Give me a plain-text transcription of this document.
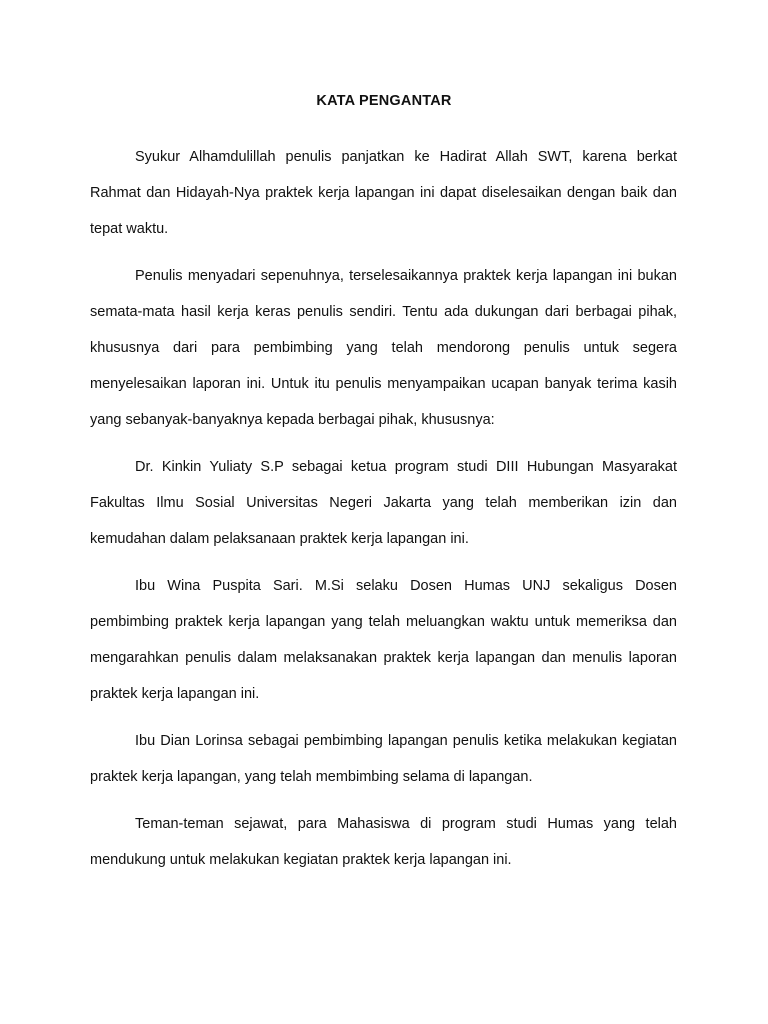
KATA PENGANTAR

Syukur Alhamdulillah penulis panjatkan ke Hadirat Allah SWT, karena berkat Rahmat dan Hidayah-Nya praktek kerja lapangan ini dapat diselesaikan dengan baik dan tepat waktu.

Penulis menyadari sepenuhnya, terselesaikannya praktek kerja lapangan ini bukan semata-mata hasil kerja keras penulis sendiri. Tentu ada dukungan dari berbagai pihak, khususnya dari para pembimbing yang telah mendorong penulis untuk segera menyelesaikan laporan ini. Untuk itu penulis menyampaikan ucapan banyak terima kasih yang sebanyak-banyaknya kepada berbagai pihak, khususnya:

Dr. Kinkin Yuliaty S.P sebagai ketua program studi DIII Hubungan Masyarakat Fakultas Ilmu Sosial Universitas Negeri Jakarta yang telah memberikan izin dan kemudahan dalam pelaksanaan praktek kerja lapangan ini.

Ibu Wina Puspita Sari. M.Si selaku Dosen Humas UNJ sekaligus Dosen pembimbing praktek kerja lapangan yang telah meluangkan waktu untuk memeriksa dan mengarahkan penulis dalam melaksanakan praktek kerja lapangan dan menulis laporan praktek kerja lapangan ini.

Ibu Dian Lorinsa sebagai pembimbing lapangan penulis ketika melakukan kegiatan praktek kerja lapangan, yang telah membimbing selama di lapangan.

Teman-teman sejawat, para Mahasiswa di program studi Humas yang telah mendukung untuk melakukan kegiatan praktek kerja lapangan ini.
